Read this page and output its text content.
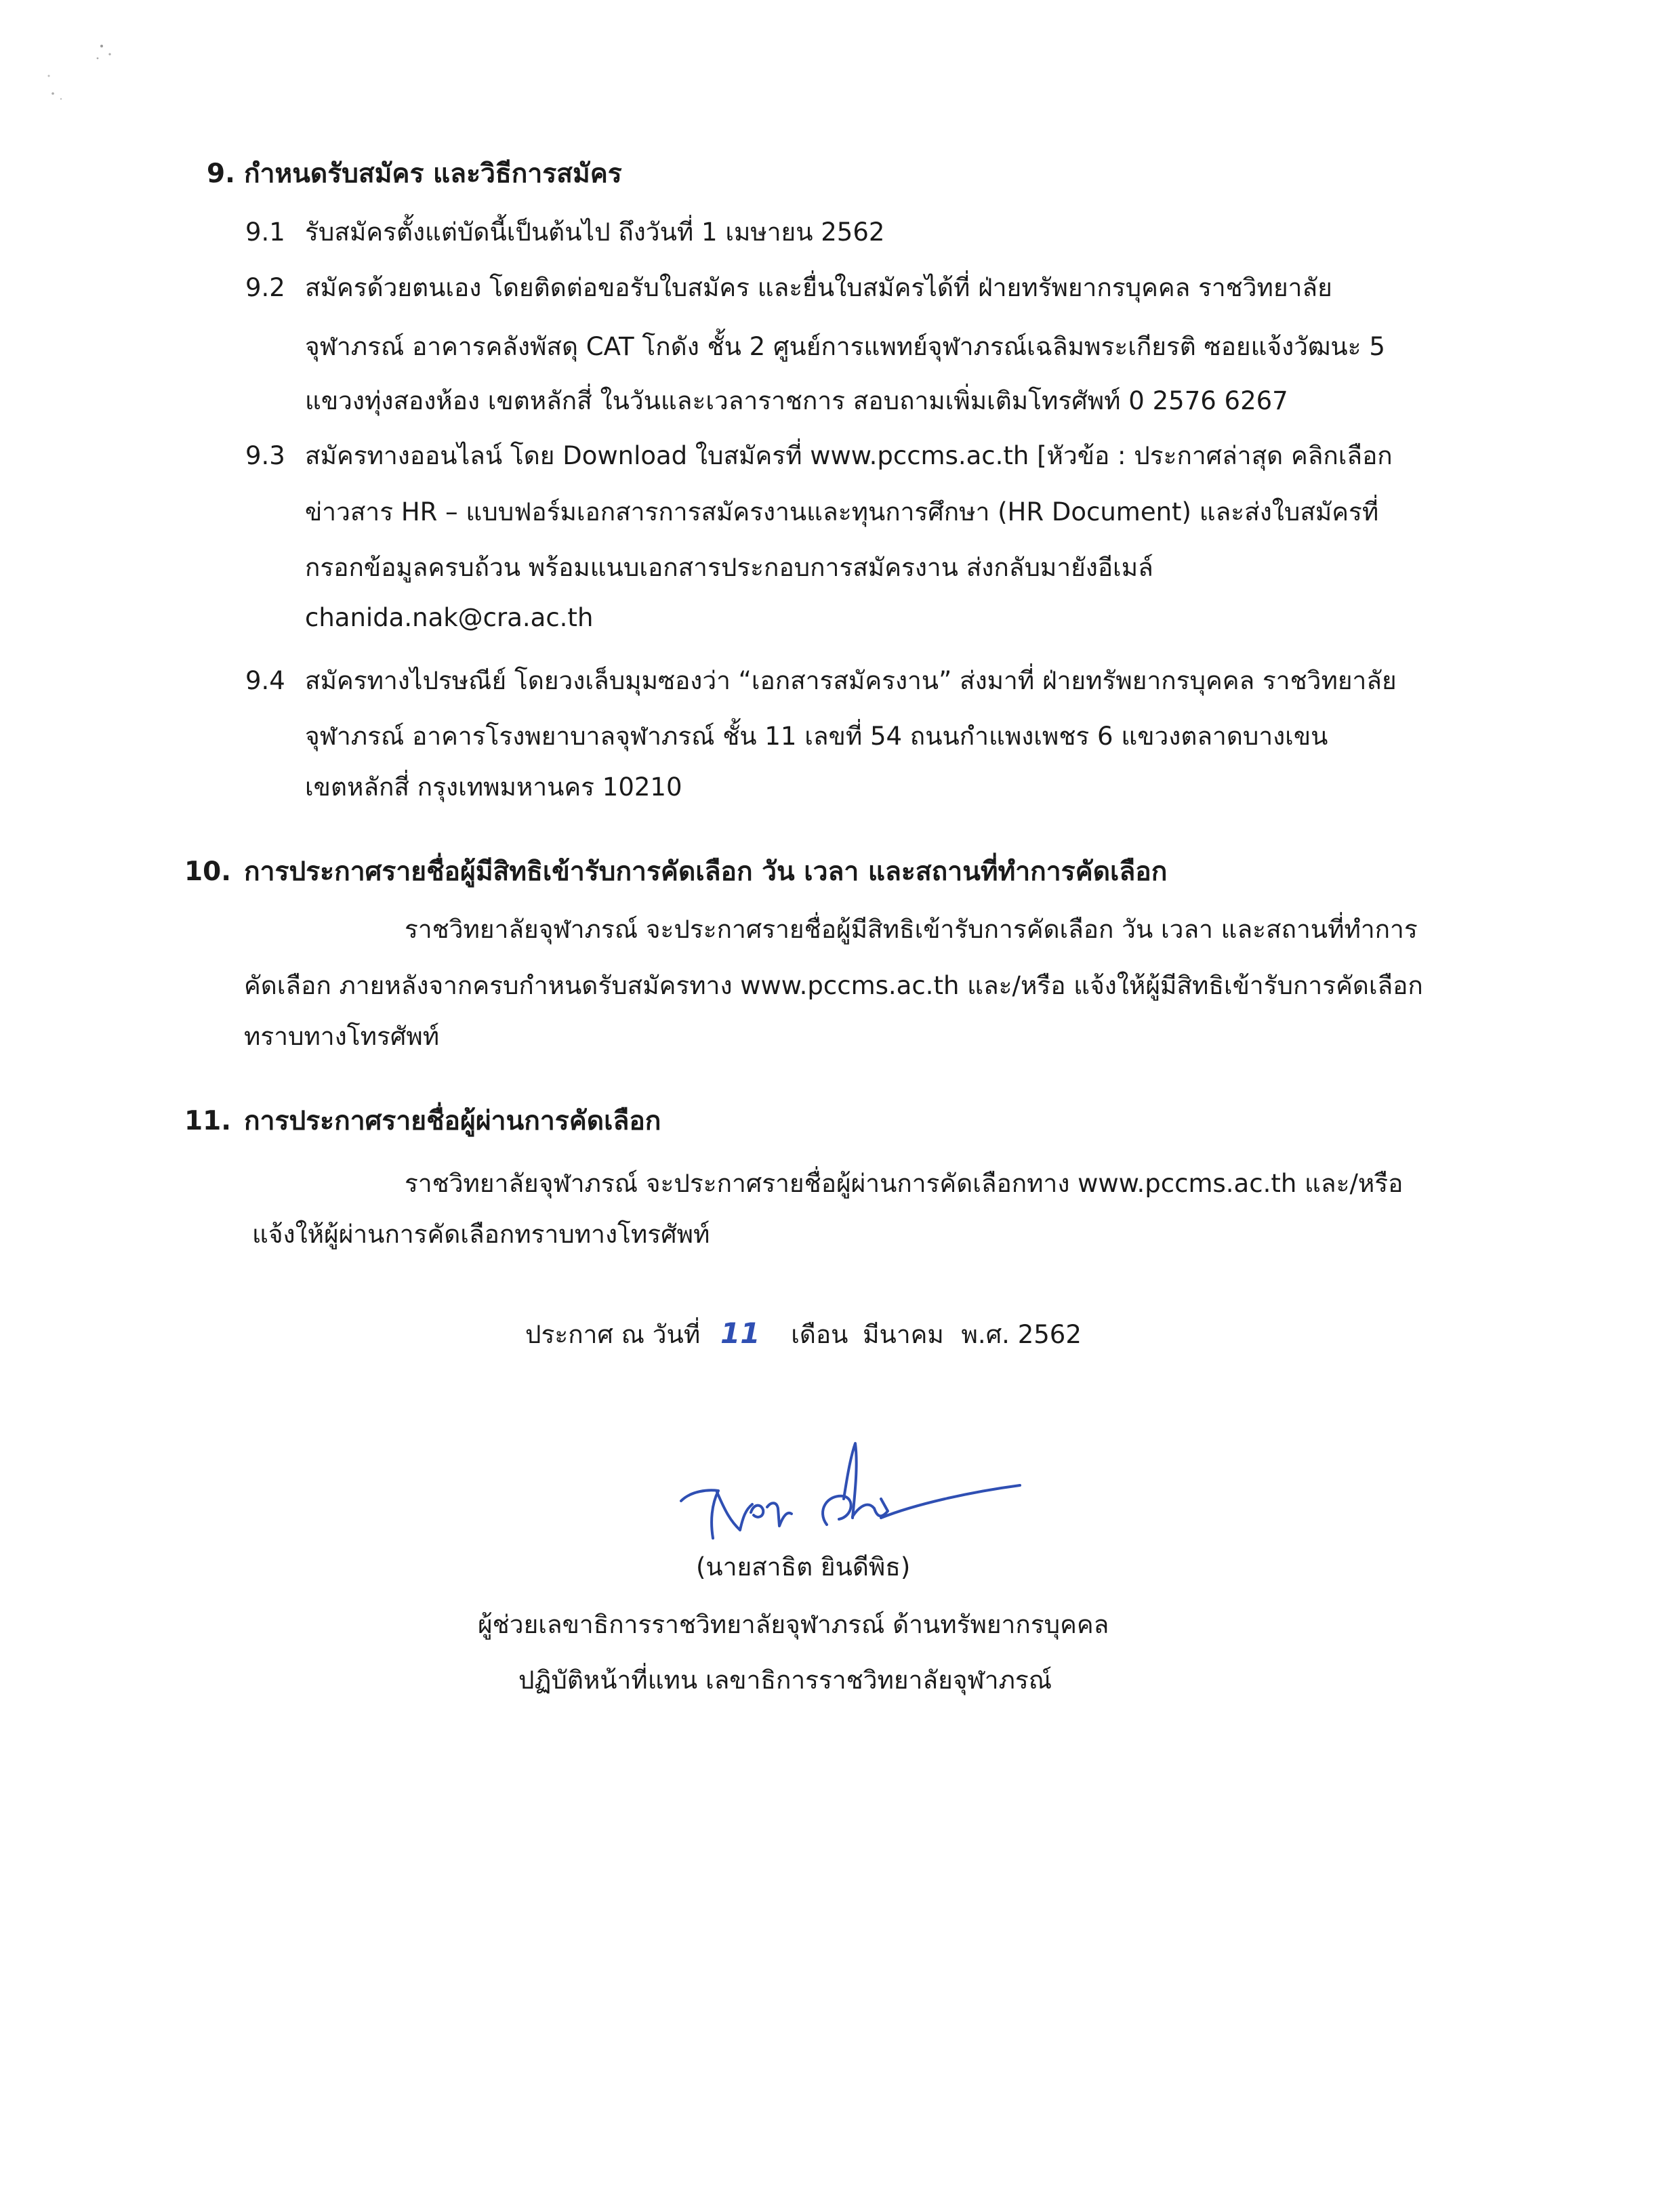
9. กำหนดรับสมัคร และวิธีการสมัคร
9.1 รับสมัครตั้งแต่บัดนี้เป็นต้นไป ถึงวันที่ 1 เมษายน 2562
9.2 สมัครด้วยตนเอง โดยติดต่อขอรับใบสมัคร และยื่นใบสมัครได้ที่ ฝ่ายทรัพยากรบุคคล ราชวิทยาลัย
จุฬาภรณ์ อาคารคลังพัสดุ CAT โกดัง ชั้น 2 ศูนย์การแพทย์จุฬาภรณ์เฉลิมพระเกียรติ ซอยแจ้งวัฒนะ 5
แขวงทุ่งสองห้อง เขตหลักสี่ ในวันและเวลาราชการ สอบถามเพิ่มเติมโทรศัพท์ 0 2576 6267
9.3 สมัครทางออนไลน์ โดย Download ใบสมัครที่ www.pccms.ac.th [หัวข้อ : ประกาศล่าสุด คลิกเลือก
ข่าวสาร HR – แบบฟอร์มเอกสารการสมัครงานและทุนการศึกษา (HR Document) และส่งใบสมัครที่
กรอกข้อมูลครบถ้วน พร้อมแนบเอกสารประกอบการสมัครงาน ส่งกลับมายังอีเมล์
chanida.nak@cra.ac.th
9.4 สมัครทางไปรษณีย์ โดยวงเล็บมุมซองว่า “เอกสารสมัครงาน” ส่งมาที่ ฝ่ายทรัพยากรบุคคล ราชวิทยาลัย
จุฬาภรณ์ อาคารโรงพยาบาลจุฬาภรณ์ ชั้น 11 เลขที่ 54 ถนนกำแพงเพชร 6 แขวงตลาดบางเขน
เขตหลักสี่ กรุงเทพมหานคร 10210
10. การประกาศรายชื่อผู้มีสิทธิเข้ารับการคัดเลือก วัน เวลา และสถานที่ทำการคัดเลือก
ราชวิทยาลัยจุฬาภรณ์ จะประกาศรายชื่อผู้มีสิทธิเข้ารับการคัดเลือก วัน เวลา และสถานที่ทำการ
คัดเลือก ภายหลังจากครบกำหนดรับสมัครทาง www.pccms.ac.th และ/หรือ แจ้งให้ผู้มีสิทธิเข้ารับการคัดเลือก
ทราบทางโทรศัพท์
11. การประกาศรายชื่อผู้ผ่านการคัดเลือก
ราชวิทยาลัยจุฬาภรณ์ จะประกาศรายชื่อผู้ผ่านการคัดเลือกทาง www.pccms.ac.th และ/หรือ
แจ้งให้ผู้ผ่านการคัดเลือกทราบทางโทรศัพท์
ประกาศ ณ วันที่ 11 เดือน มีนาคม พ.ศ. 2562
(นายสาธิต ยินดีพิธ)
ผู้ช่วยเลขาธิการราชวิทยาลัยจุฬาภรณ์ ด้านทรัพยากรบุคคล
ปฏิบัติหน้าที่แทน เลขาธิการราชวิทยาลัยจุฬาภรณ์
